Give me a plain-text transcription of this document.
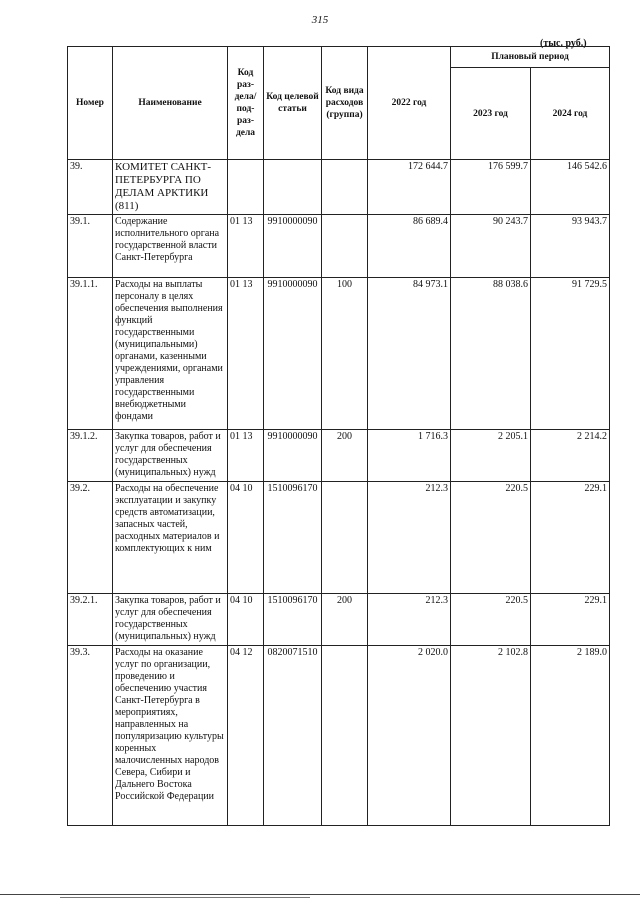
315
(тыс. руб.)
Номер	Наименование	Код раз-дела/ под-раз-дела	Код целевой статьи	Код вида расходов (группа)	2022 год	Плановый период	
						2023 год	2024 год
39.	КОМИТЕТ САНКТ-ПЕТЕРБУРГА ПО ДЕЛАМ АРКТИКИ (811)				172 644.7	176 599.7	146 542.6
39.1.	Содержание исполнительного органа государственной власти Санкт-Петербурга	01 13	9910000090		86 689.4	90 243.7	93 943.7
39.1.1.	Расходы на выплаты персоналу в целях обеспечения выполнения функций государственными (муниципальными) органами, казенными учреждениями, органами управления государственными внебюджетными фондами	01 13	9910000090	100	84 973.1	88 038.6	91 729.5
39.1.2.	Закупка товаров, работ и услуг для обеспечения государственных (муниципальных) нужд	01 13	9910000090	200	1 716.3	2 205.1	2 214.2
39.2.	Расходы на обеспечение эксплуатации и закупку средств автоматизации, запасных частей, расходных материалов и комплектующих к ним	04 10	1510096170		212.3	220.5	229.1
39.2.1.	Закупка товаров, работ и услуг для обеспечения государственных (муниципальных) нужд	04 10	1510096170	200	212.3	220.5	229.1
39.3.	Расходы на оказание услуг по организации, проведению и обеспечению участия Санкт-Петербурга в мероприятиях, направленных на популяризацию культуры коренных малочисленных народов Севера, Сибири и Дальнего Востока Российской Федерации	04 12	0820071510		2 020.0	2 102.8	2 189.0
